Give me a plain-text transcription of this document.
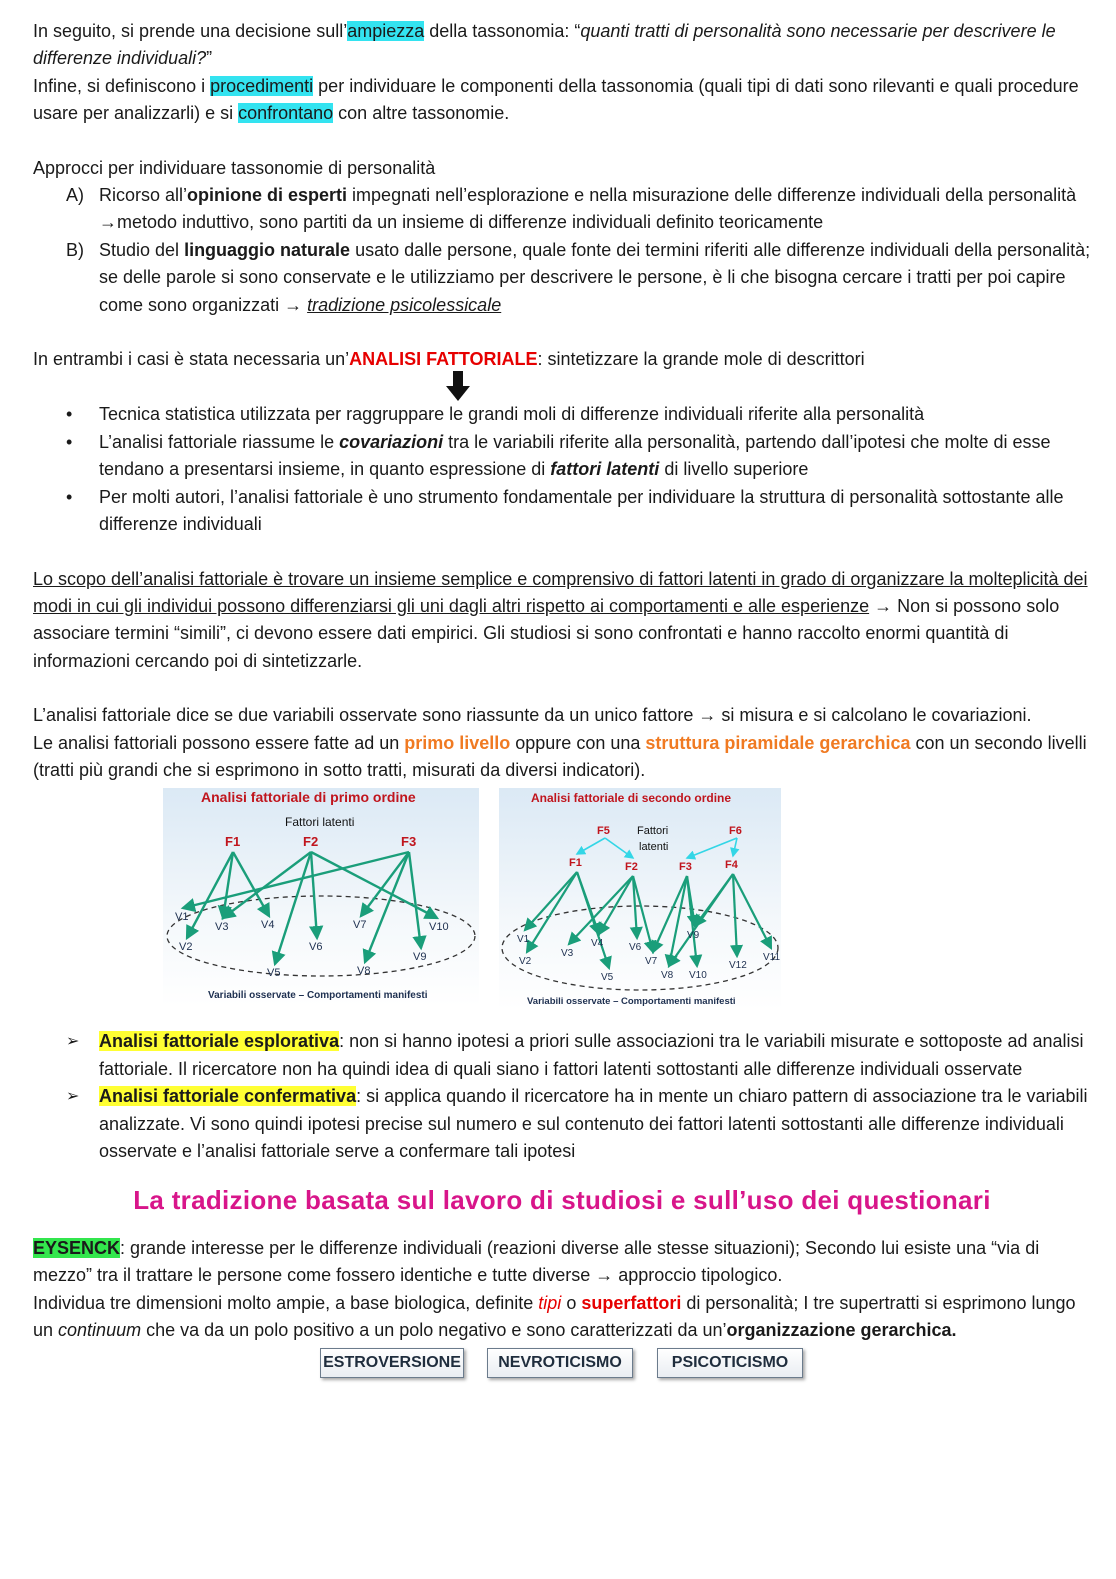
In seguito, si prende una decisione sull’ampiezza della tassonomia: “quanti tratti di personalità sono necessarie per descrivere le differenze individuali?”

Infine, si definiscono i procedimenti per individuare le componenti della tassonomia (quali tipi di dati sono rilevanti e quali procedure usare per analizzarli) e si confrontano con altre tassonomie.

Approcci per individuare tassonomie di personalità

A) Ricorso all’opinione di esperti impegnati nell’esplorazione e nella misurazione delle differenze individuali della personalità →metodo induttivo, sono partiti da un insieme di differenze individuali definito teoricamente
B) Studio del linguaggio naturale usato dalle persone, quale fonte dei termini riferiti alle differenze individuali della personalità; se delle parole si sono conservate e le utilizziamo per descrivere le persone, è li che bisogna cercare i tratti per poi capire come sono organizzati → tradizione psicolessicale

In entrambi i casi è stata necessaria un’ANALISI FATTORIALE: sintetizzare la grande mole di descrittori

• Tecnica statistica utilizzata per raggruppare le grandi moli di differenze individuali riferite alla personalità
• L’analisi fattoriale riassume le covariazioni tra le variabili riferite alla personalità, partendo dall’ipotesi che molte di esse tendano a presentarsi insieme, in quanto espressione di fattori latenti di livello superiore
• Per molti autori, l’analisi fattoriale è uno strumento fondamentale per individuare la struttura di personalità sottostante alle differenze individuali

Lo scopo dell’analisi fattoriale è trovare un insieme semplice e comprensivo di fattori latenti in grado di organizzare la molteplicità dei modi in cui gli individui possono differenziarsi gli uni dagli altri rispetto ai comportamenti e alle esperienze → Non si possono solo associare termini “simili”, ci devono essere dati empirici. Gli studiosi si sono confrontati e hanno raccolto enormi quantità di informazioni cercando poi di sintetizzarle.

L’analisi fattoriale dice se due variabili osservate sono riassunte da un unico fattore → si misura e si calcolano le covariazioni.

Le analisi fattoriali possono essere fatte ad un primo livello oppure con una struttura piramidale gerarchica con un secondo livelli (tratti più grandi che si esprimono in sotto tratti, misurati da diversi indicatori).

Analisi fattoriale di primo ordine
Fattori latenti
F1	F2	F3
V1
V2
V3	V4
V5
V6
V7
V8
V9
V10
Variabili osservate – Comportamenti manifesti
Analisi fattoriale di secondo ordine
Fattori
latenti
F5	F6
F1	F2	F3	F4
V1
V2
V3
V4
V5
V6
V7
V8
V9
V10
V11
V12
Variabili osservate – Comportamenti manifesti
➢ Analisi fattoriale esplorativa: non si hanno ipotesi a priori sulle associazioni tra le variabili misurate e sottoposte ad analisi fattoriale. Il ricercatore non ha quindi idea di quali siano i fattori latenti sottostanti alle differenze individuali osservate
➢ Analisi fattoriale confermativa: si applica quando il ricercatore ha in mente un chiaro pattern di associazione tra le variabili analizzate. Vi sono quindi ipotesi precise sul numero e sul contenuto dei fattori latenti sottostanti alle differenze individuali osservate e l’analisi fattoriale serve a confermare tali ipotesi
La tradizione basata sul lavoro di studiosi e sull’uso dei questionari

EYSENCK: grande interesse per le differenze individuali (reazioni diverse alle stesse situazioni); Secondo lui esiste una “via di mezzo” tra il trattare le persone come fossero identiche e tutte diverse → approccio tipologico.

Individua tre dimensioni molto ampie, a base biologica, definite tipi o superfattori di personalità; I tre supertratti si esprimono lungo un continuum che va da un polo positivo a un polo negativo e sono caratterizzati da un’organizzazione gerarchica.

ESTROVERSIONE	NEVROTICISMO	PSICOTICISMO
